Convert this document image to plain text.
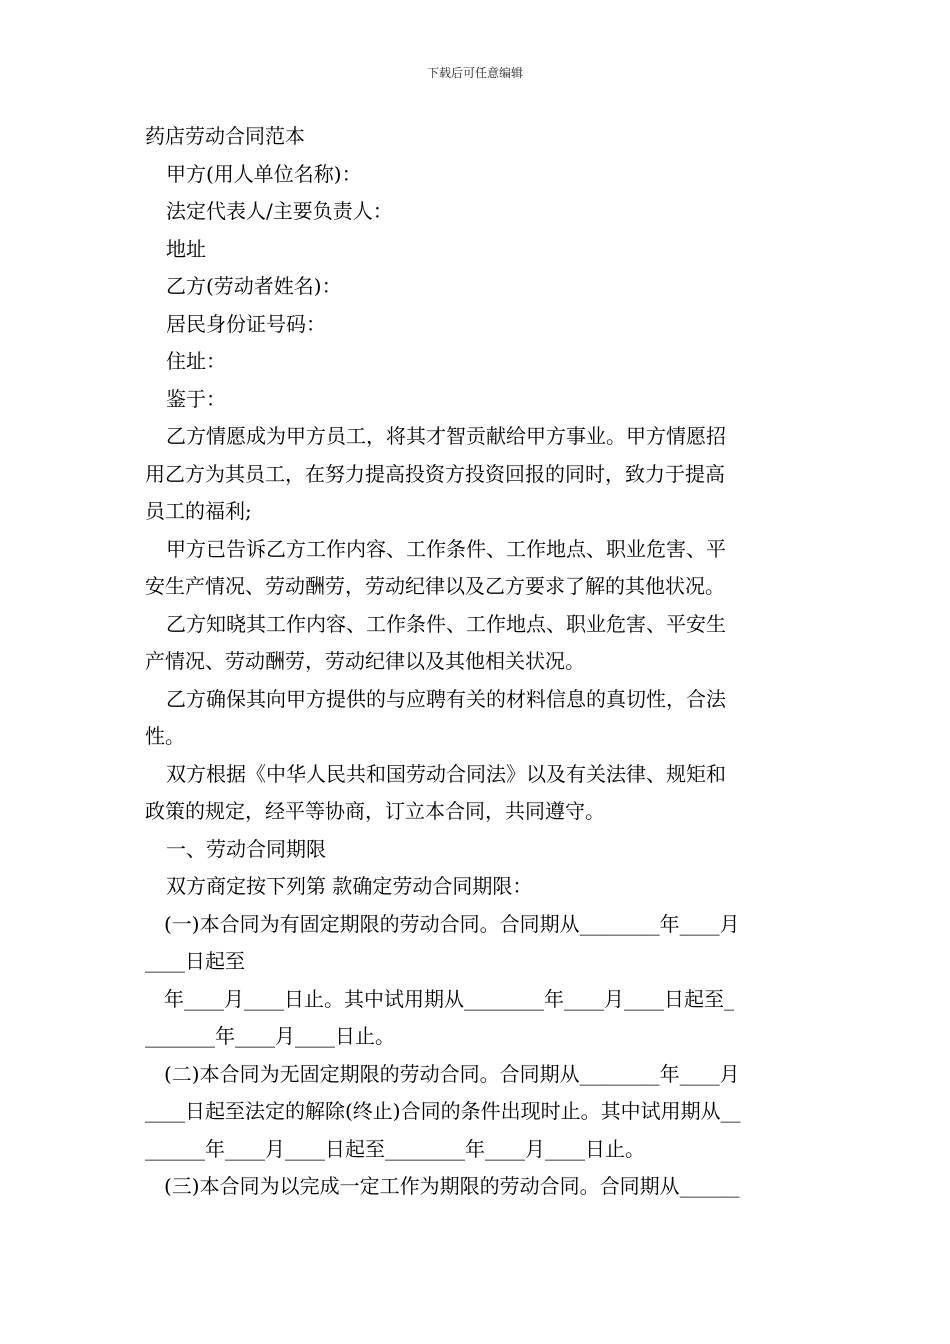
下载后可任意编辑

药店劳动合同范本

甲方(用人单位名称)：

法定代表人/主要负责人：

地址

乙方(劳动者姓名)：

居民身份证号码：

住址：

鉴于：

乙方情愿成为甲方员工，将其才智贡献给甲方事业。甲方情愿招

用乙方为其员工，在努力提高投资方投资回报的同时，致力于提高

员工的福利;

甲方已告诉乙方工作内容、工作条件、工作地点、职业危害、平

安生产情况、劳动酬劳，劳动纪律以及乙方要求了解的其他状况。

乙方知晓其工作内容、工作条件、工作地点、职业危害、平安生

产情况、劳动酬劳，劳动纪律以及其他相关状况。

乙方确保其向甲方提供的与应聘有关的材料信息的真切性，合法

性。

双方根据《中华人民共和国劳动合同法》以及有关法律、规矩和

政策的规定，经平等协商，订立本合同，共同遵守。

一、劳动合同期限

双方商定按下列第 款确定劳动合同期限：

(一)本合同为有固定期限的劳动合同。合同期从________年____月

____日起至

年____月____日止。其中试用期从________年____月____日起至_

_______年____月____日止。

(二)本合同为无固定期限的劳动合同。合同期从________年____月

____日起至法定的解除(终止)合同的条件出现时止。其中试用期从__

______年____月____日起至________年____月____日止。

(三)本合同为以完成一定工作为期限的劳动合同。合同期从______
